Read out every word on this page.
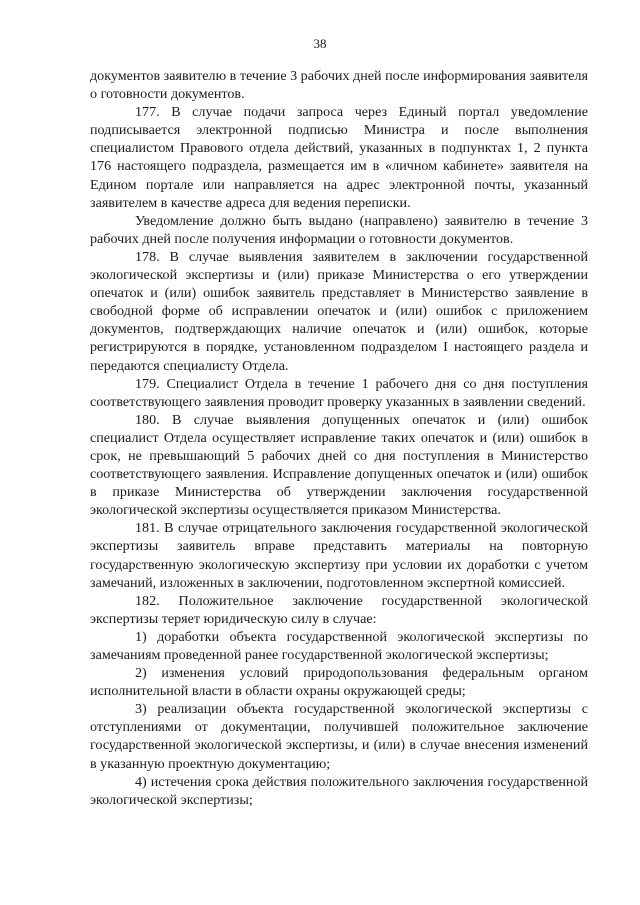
38

документов заявителю в течение 3 рабочих дней после информирования заявителя о готовности документов.

177. В случае подачи запроса через Единый портал уведомление подписывается электронной подписью Министра и после выполнения специалистом Правового отдела действий, указанных в подпунктах 1, 2 пункта 176 настоящего подраздела, размещается им в «личном кабинете» заявителя на Едином портале или направляется на адрес электронной почты, указанный заявителем в качестве адреса для ведения переписки.

Уведомление должно быть выдано (направлено) заявителю в течение 3 рабочих дней после получения информации о готовности документов.

178. В случае выявления заявителем в заключении государственной экологической экспертизы и (или) приказе Министерства о его утверждении опечаток и (или) ошибок заявитель представляет в Министерство заявление в свободной форме об исправлении опечаток и (или) ошибок с приложением документов, подтверждающих наличие опечаток и (или) ошибок, которые регистрируются в порядке, установленном подразделом I настоящего раздела и передаются специалисту Отдела.

179. Специалист Отдела в течение 1 рабочего дня со дня поступления соответствующего заявления проводит проверку указанных в заявлении сведений.

180. В случае выявления допущенных опечаток и (или) ошибок специалист Отдела осуществляет исправление таких опечаток и (или) ошибок в срок, не превышающий 5 рабочих дней со дня поступления в Министерство соответствующего заявления. Исправление допущенных опечаток и (или) ошибок в приказе Министерства об утверждении заключения государственной экологической экспертизы осуществляется приказом Министерства.

181. В случае отрицательного заключения государственной экологической экспертизы заявитель вправе представить материалы на повторную государственную экологическую экспертизу при условии их доработки с учетом замечаний, изложенных в заключении, подготовленном экспертной комиссией.

182. Положительное заключение государственной экологической экспертизы теряет юридическую силу в случае:

1) доработки объекта государственной экологической экспертизы по замечаниям проведенной ранее государственной экологической экспертизы;

2) изменения условий природопользования федеральным органом исполнительной власти в области охраны окружающей среды;

3) реализации объекта государственной экологической экспертизы с отступлениями от документации, получившей положительное заключение государственной экологической экспертизы, и (или) в случае внесения изменений в указанную проектную документацию;

4) истечения срока действия положительного заключения государственной экологической экспертизы;
